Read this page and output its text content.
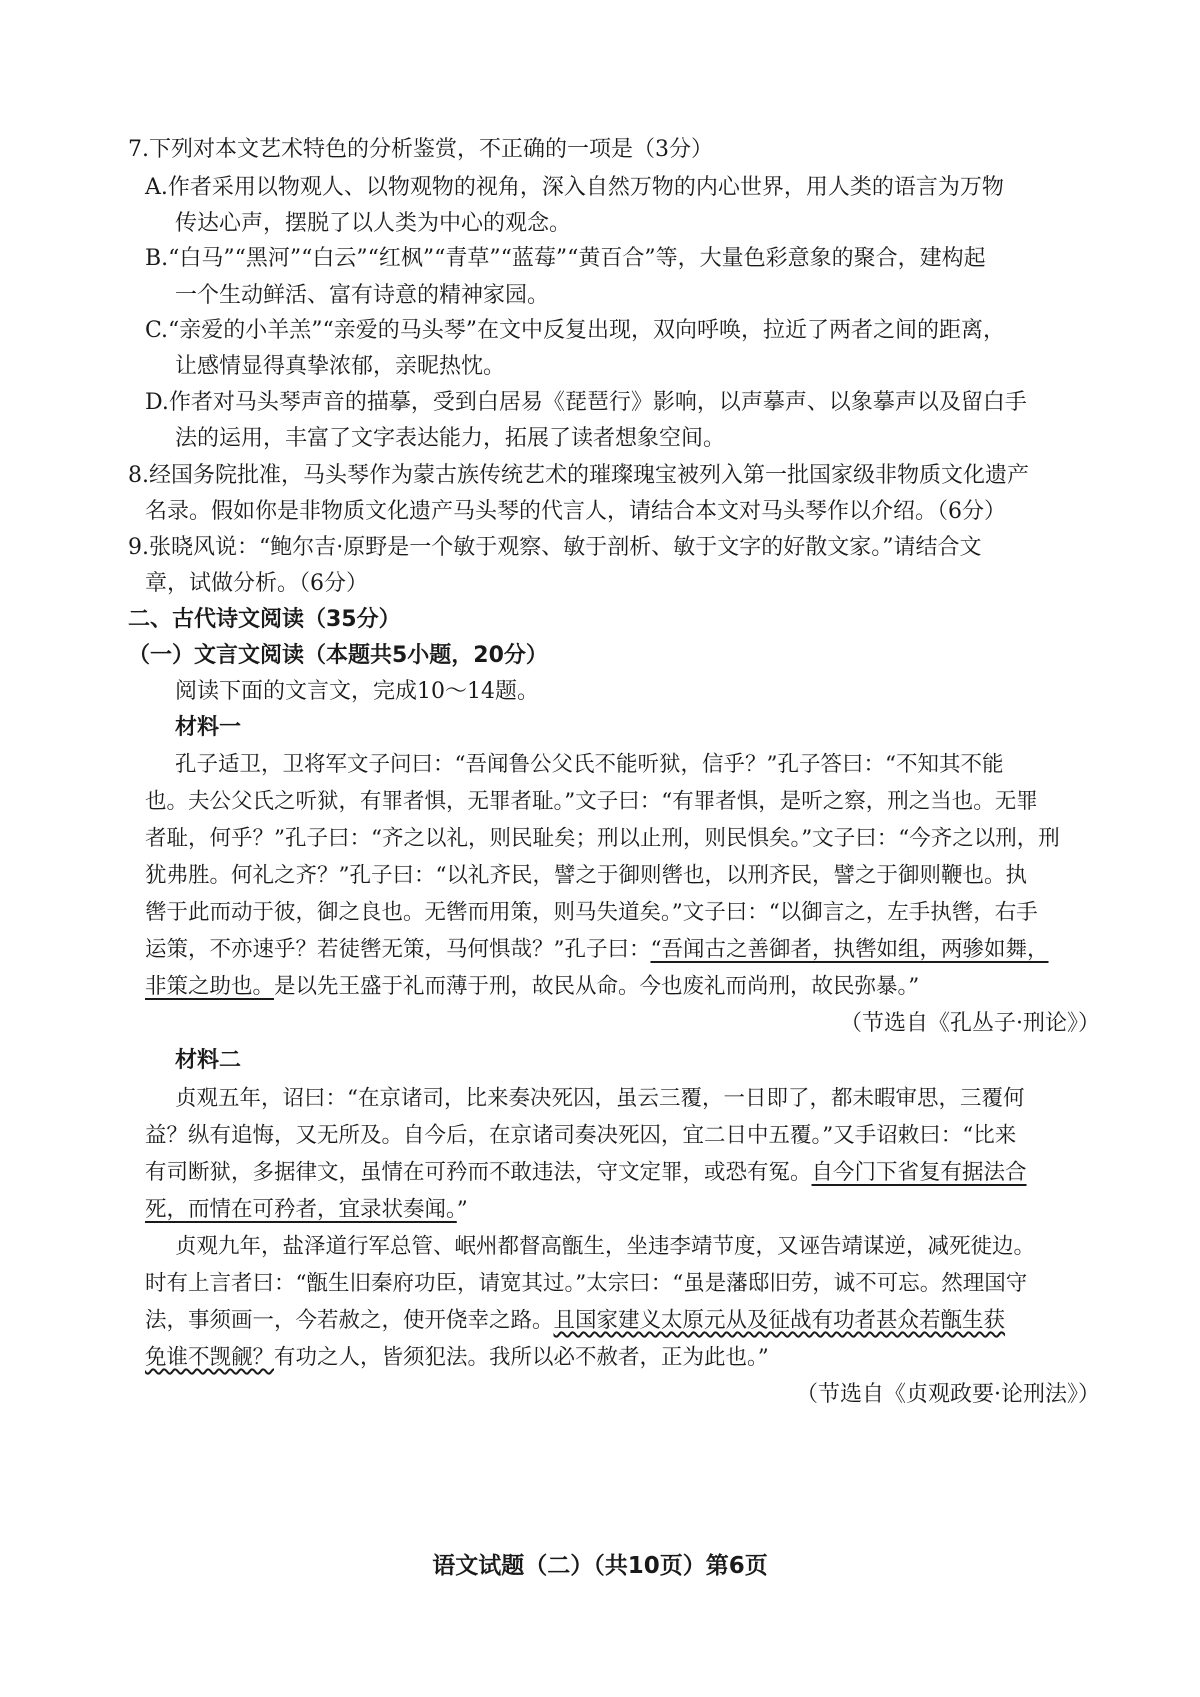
7.下列对本文艺术特色的分析鉴赏，不正确的一项是（3分）
A.作者采用以物观人、以物观物的视角，深入自然万物的内心世界，用人类的语言为万物
传达心声，摆脱了以人类为中心的观念。
B.“白马”“黑河”“白云”“红枫”“青草”“蓝莓”“黄百合”等，大量色彩意象的聚合，建构起
一个生动鲜活、富有诗意的精神家园。
C.“亲爱的小羊羔”“亲爱的马头琴”在文中反复出现，双向呼唤，拉近了两者之间的距离，
让感情显得真挚浓郁，亲昵热忱。
D.作者对马头琴声音的描摹，受到白居易《琵琶行》影响，以声摹声、以象摹声以及留白手
法的运用，丰富了文字表达能力，拓展了读者想象空间。
8.经国务院批准，马头琴作为蒙古族传统艺术的璀璨瑰宝被列入第一批国家级非物质文化遗产
名录。假如你是非物质文化遗产马头琴的代言人，请结合本文对马头琴作以介绍。（6分）
9.张晓风说：“鲍尔吉·原野是一个敏于观察、敏于剖析、敏于文字的好散文家。”请结合文
章，试做分析。（6分）
二、古代诗文阅读（35分）
（一）文言文阅读（本题共5小题，20分）
阅读下面的文言文，完成10～14题。
材料一
孔子适卫，卫将军文子问曰：“吾闻鲁公父氏不能听狱，信乎？”孔子答曰：“不知其不能
也。夫公父氏之听狱，有罪者惧，无罪者耻。”文子曰：“有罪者惧，是听之察，刑之当也。无罪
者耻，何乎？”孔子曰：“齐之以礼，则民耻矣；刑以止刑，则民惧矣。”文子曰：“今齐之以刑，刑
犹弗胜。何礼之齐？”孔子曰：“以礼齐民，譬之于御则辔也，以刑齐民，譬之于御则鞭也。执
辔于此而动于彼，御之良也。无辔而用策，则马失道矣。”文子曰：“以御言之，左手执辔，右手
运策，不亦速乎？若徒辔无策，马何惧哉？”孔子曰：“吾闻古之善御者，执辔如组，两骖如舞，
非策之助也。是以先王盛于礼而薄于刑，故民从命。今也废礼而尚刑，故民弥暴。”
（节选自《孔丛子·刑论》）
材料二
贞观五年，诏曰：“在京诸司，比来奏决死囚，虽云三覆，一日即了，都未暇审思，三覆何
益？纵有追悔，又无所及。自今后，在京诸司奏决死囚，宜二日中五覆。”又手诏敕曰：“比来
有司断狱，多据律文，虽情在可矜而不敢违法，守文定罪，或恐有冤。自今门下省复有据法合
死，而情在可矜者，宜录状奏闻。”
贞观九年，盐泽道行军总管、岷州都督高甑生，坐违李靖节度，又诬告靖谋逆，减死徙边。
时有上言者曰：“甑生旧秦府功臣，请宽其过。”太宗曰：“虽是藩邸旧劳，诚不可忘。然理国守
法，事须画一，今若赦之，使开侥幸之路。且国家建义太原元从及征战有功者甚众若甑生获
免谁不觊觎？有功之人，皆须犯法。我所以必不赦者，正为此也。”
（节选自《贞观政要·论刑法》）
语文试题（二）（共10页）第6页
